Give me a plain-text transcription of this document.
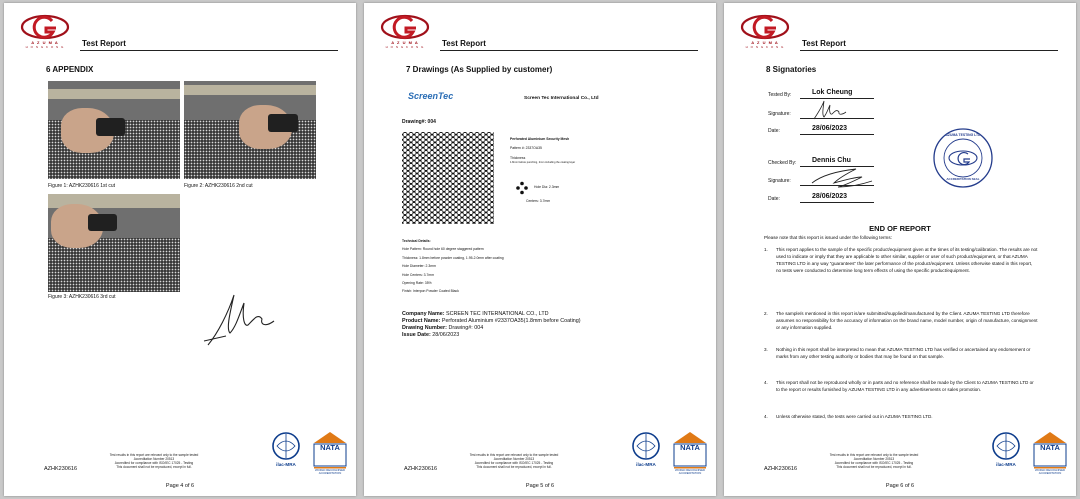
A Z U M A
H O N G K O N G	Test Report
6 APPENDIX
Figure 1: AZHK230616 1st cut	Figure 2: AZHK230616 2nd cut
Figure 3: AZHK230616 3rd cut
AZHK230616
Test results in this report are relevant only to the sample tested
Accreditation Number 20513
Accredited for compliance with ISO/IEC 17025 - Testing
This document shall not be reproduced, except in full.	ilac-MRA
NATA
WORLD RECOGNISED
ACCREDITATION
Page 4 of 6
A Z U M A
H O N G K O N G	Test Report
7 Drawings (As Supplied by customer)
ScreenTec	Screen Tec International Co., Ltd
Drawing#: 004
Perforated Aluminium Security Mesh
Pattern #: 2337OA35
Thickness
1.8mm before punching, 2mm including the coating layer
Hole Dia: 2.3mm
Centers: 3.7mm
Technical Details:
Hole Pattern: Round hole 60 degree staggered pattern
Thickness: 1.8mm before powder coating, 1.95-2.0mm after coating
Hole Diameter: 2.3mm
Hole Centers: 3.7mm
Opening Rate: 35%
Finish: Interpon Powder Coated Black
Company Name: SCREEN TEC INTERNATIONAL CO., LTD
Product Name: Perforated Aluminium #2337OA35(1.8mm before Coating)
Drawing Number: Drawing#: 004
Issue Date: 28/06/2023
AZHK230616
Test results in this report are relevant only to the sample tested
Accreditation Number 20513
Accredited for compliance with ISO/IEC 17025 - Testing
This document shall not be reproduced, except in full.	ilac-MRA
NATA
WORLD RECOGNISED
ACCREDITATION
Page 5 of 6
A Z U M A
H O N G K O N G	Test Report
8 Signatories
Tested By:	Lok Cheung
Signature:
Date:	28/06/2023
Checked By: Dennis Chu
Signature:
Date:	28/06/2023
AZUMA TESTING LTD
ACCREDITATION SEAL
END OF REPORT
Please note that this report is issued under the following terms:
1. This report applies to the sample of the specific product/equipment given at the times of its testing/calibration. The results are not used to indicate or imply that they are applicable to other similar, supplier or user of such product/equipment, or that AZUMA TESTING LTD in any way "guarantees" the later performance of the product/equipment. Unless otherwise stated in this report, no tests were conducted to determine long term effects of using the specific product/equipment.
2. The sample/s mentioned in this report is/are submitted/supplied/manufactured by the Client. AZUMA TESTING LTD therefore assumes no responsibility for the accuracy of information on the brand name, model number, origin of manufacture, consignment or any information supplied.
3. Nothing in this report shall be interpreted to mean that AZUMA TESTING LTD has verified or ascertained any endorsement or marks from any other testing authority or bodies that may be found on that sample.
4. This report shall not be reproduced wholly or in parts and no reference shall be made by the Client to AZUMA TESTING LTD or to the report or results furnished by AZUMA TESTING LTD in any advertisements or sales promotion.
4. Unless otherwise stated, the tests were carried out in AZUMA TESTING LTD.
AZHK230616
Test results in this report are relevant only to the sample tested
Accreditation Number 20513
Accredited for compliance with ISO/IEC 17025 - Testing
This document shall not be reproduced, except in full.	ilac-MRA
NATA
WORLD RECOGNISED
ACCREDITATION
Page 6 of 6
